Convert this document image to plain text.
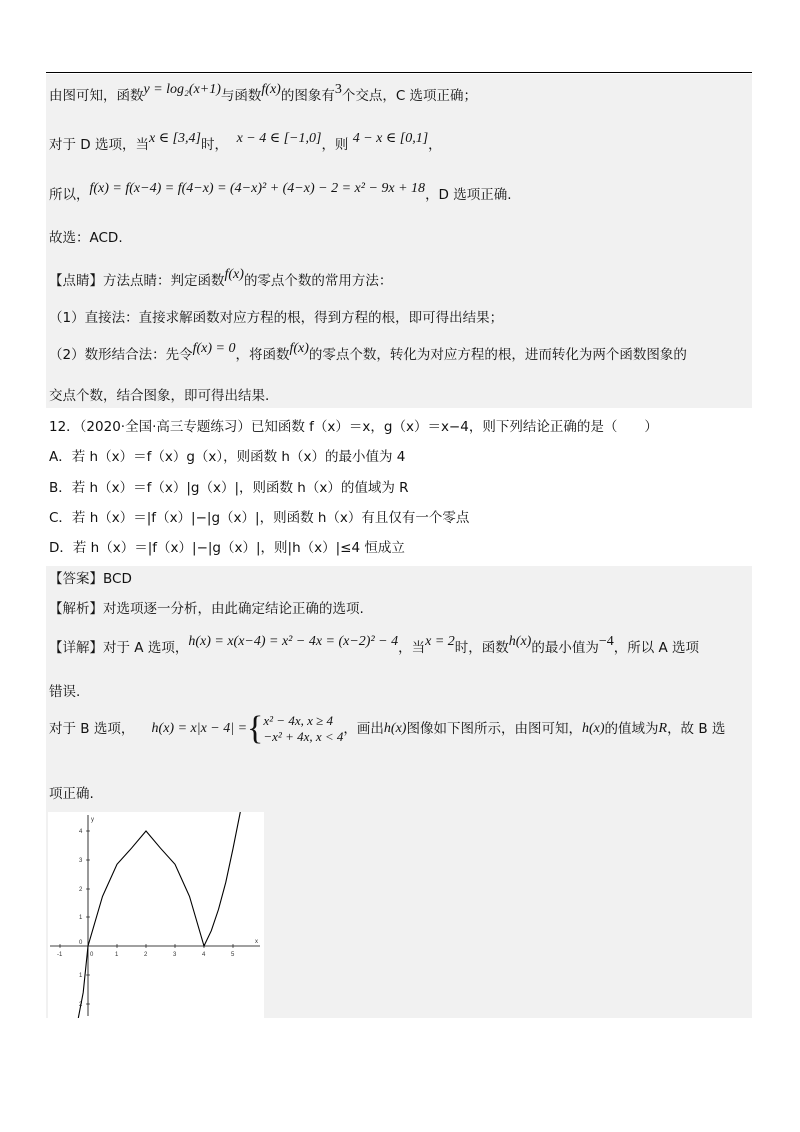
由图可知，函数y = log₂(x+1)与函数f(x)的图象有3个交点，C 选项正确；
对于 D 选项，当x ∈ [3,4]时， x − 4 ∈ [−1,0]，则 4 − x ∈ [0,1]，
所以，f(x) = f(x−4) = f(4−x) = (4−x)² + (4−x) − 2 = x² − 9x + 18，D 选项正确.
故选：ACD.
【点睛】方法点睛：判定函数f(x)的零点个数的常用方法：
（1）直接法：直接求解函数对应方程的根，得到方程的根，即可得出结果；
（2）数形结合法：先令f(x) = 0，将函数f(x)的零点个数，转化为对应方程的根，进而转化为两个函数图象的
交点个数，结合图象，即可得出结果.
12．（2020·全国·高三专题练习）已知函数 f（x）＝x，g（x）＝x−4，则下列结论正确的是（　　）
A．若 h（x）＝f（x）g（x），则函数 h（x）的最小值为 4
B．若 h（x）＝f（x）|g（x）|，则函数 h（x）的值域为 R
C．若 h（x）＝|f（x）|−|g（x）|，则函数 h（x）有且仅有一个零点
D．若 h（x）＝|f（x）|−|g（x）|，则|h（x）|≤4 恒成立
【答案】BCD
【解析】对选项逐一分析，由此确定结论正确的选项.
【详解】对于 A 选项，h(x) = x(x−4) = x² − 4x = (x−2)² − 4，当x = 2时，函数h(x)的最小值为−4，所以 A 选项
错误.
对于 B 选项， h(x) = x|x − 4| ={x² − 4x, x ≥ 4
−x² + 4x, x < 4，画出h(x)图像如下图所示，由图可知，h(x)的值域为R，故 B 选
项正确.
x
y
-1	0	1	2	3	4	5
4
3
2
1
0
1
2
